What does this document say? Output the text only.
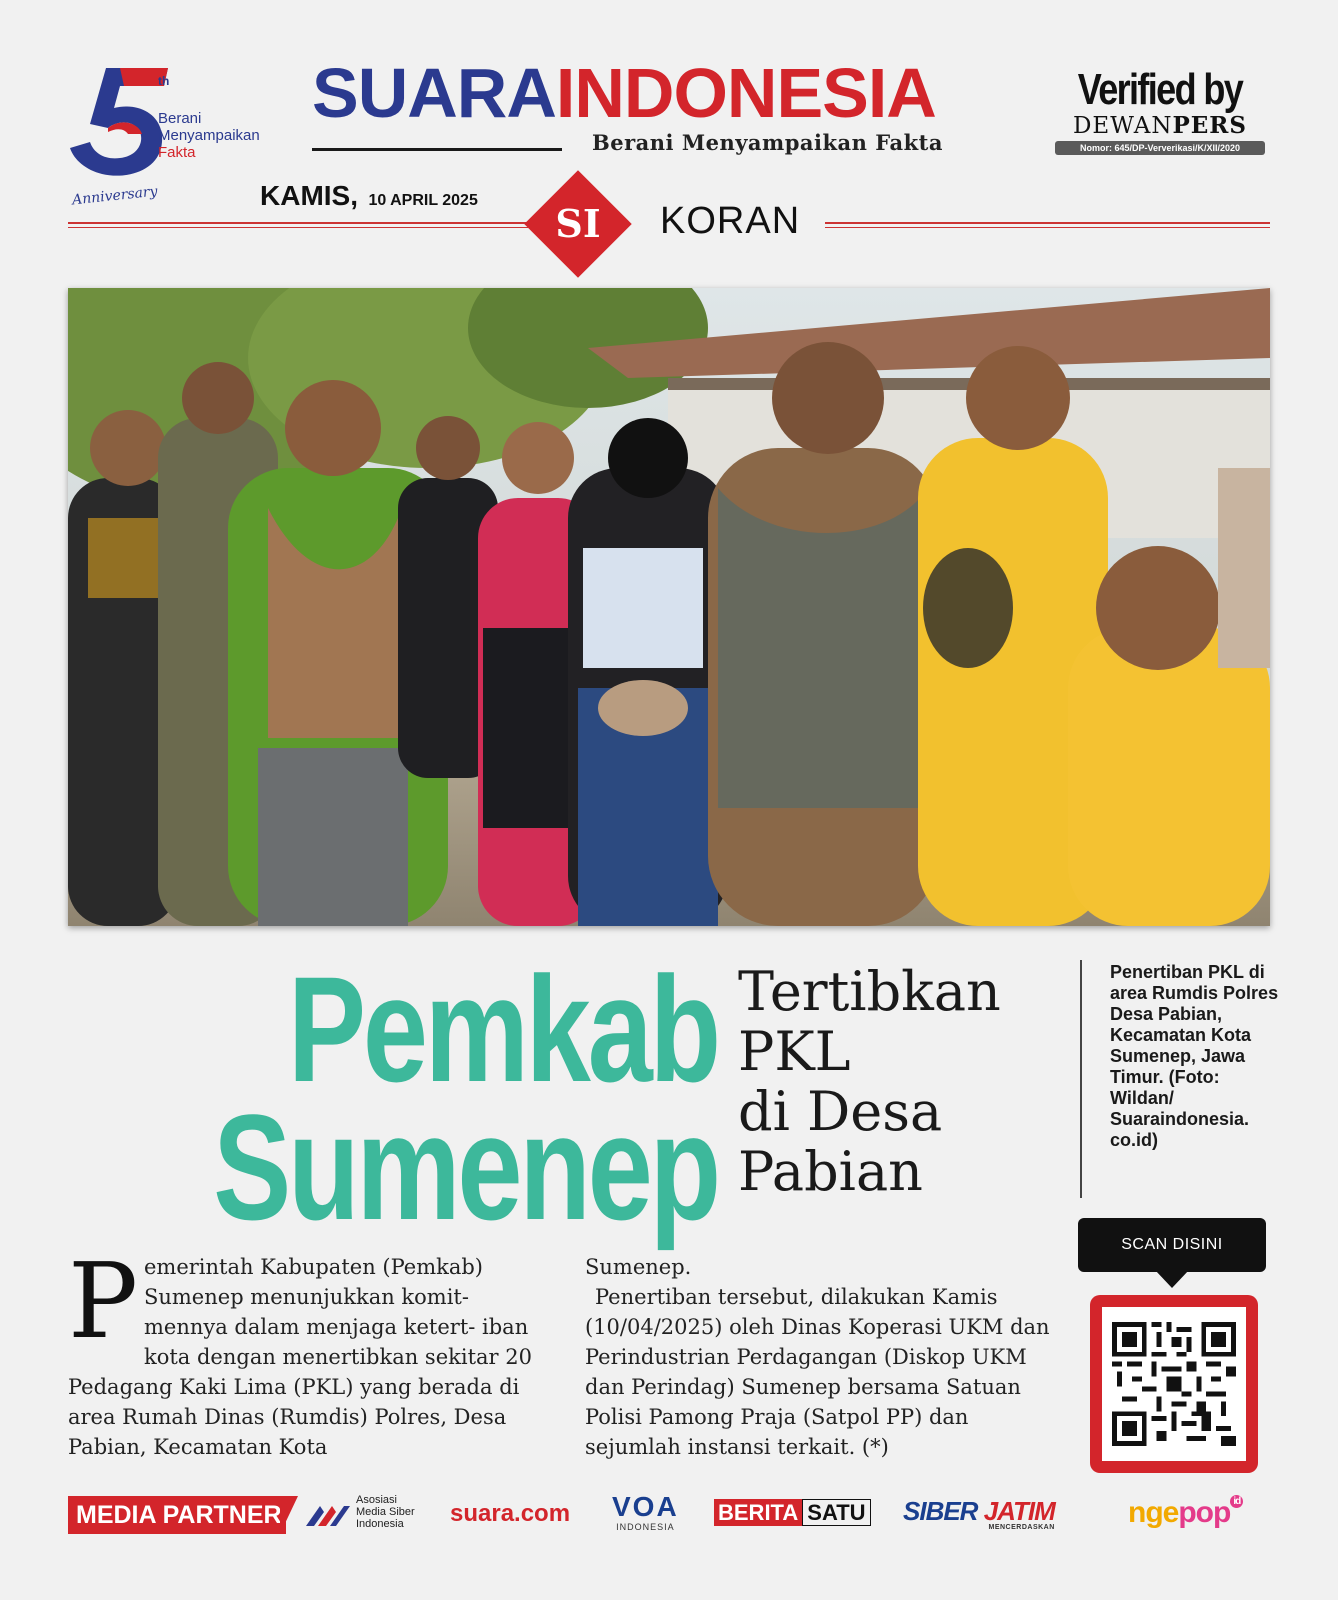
th
Berani
Menyampaikan
Fakta
Anniversary
SUARAINDONESIA
Berani Menyampaikan Fakta
Verified by
DEWANPERS
Nomor: 645/DP-Ververikasi/K/XII/2020
KAMIS, 10 APRIL 2025
SI	KORAN
Pemkab
Sumenep
Tertibkan
PKL
di Desa
Pabian
Penertiban PKL di area Rumdis Polres Desa Pabian, Kecamatan Kota Sumenep, Jawa Timur. (Foto: Wildan/ Suaraindonesia. co.id)
P emerintah Kabupaten (Pemkab) Sumenep menunjukkan komit- mennya dalam menjaga ketert- iban kota dengan menertibkan sekitar 20 Pedagang Kaki Lima (PKL) yang berada di area Rumah Dinas (Rumdis) Polres, Desa Pabian, Kecamatan Kota

Sumenep.

Penertiban tersebut, dilakukan Kamis (10/04/2025) oleh Dinas Koperasi UKM dan Perindustrian Perdagangan (Diskop UKM dan Perindag) Sumenep bersama Satuan Polisi Pamong Praja (Satpol PP) dan sejumlah instansi terkait. (*)

SCAN DISINI
MEDIA PARTNER
Asosiasi
Media Siber
Indonesia	suara.com VOA
INDONESIA
BERITA SATU SIBER JATIM
MENCERDASKAN ngepop $^{id}$
